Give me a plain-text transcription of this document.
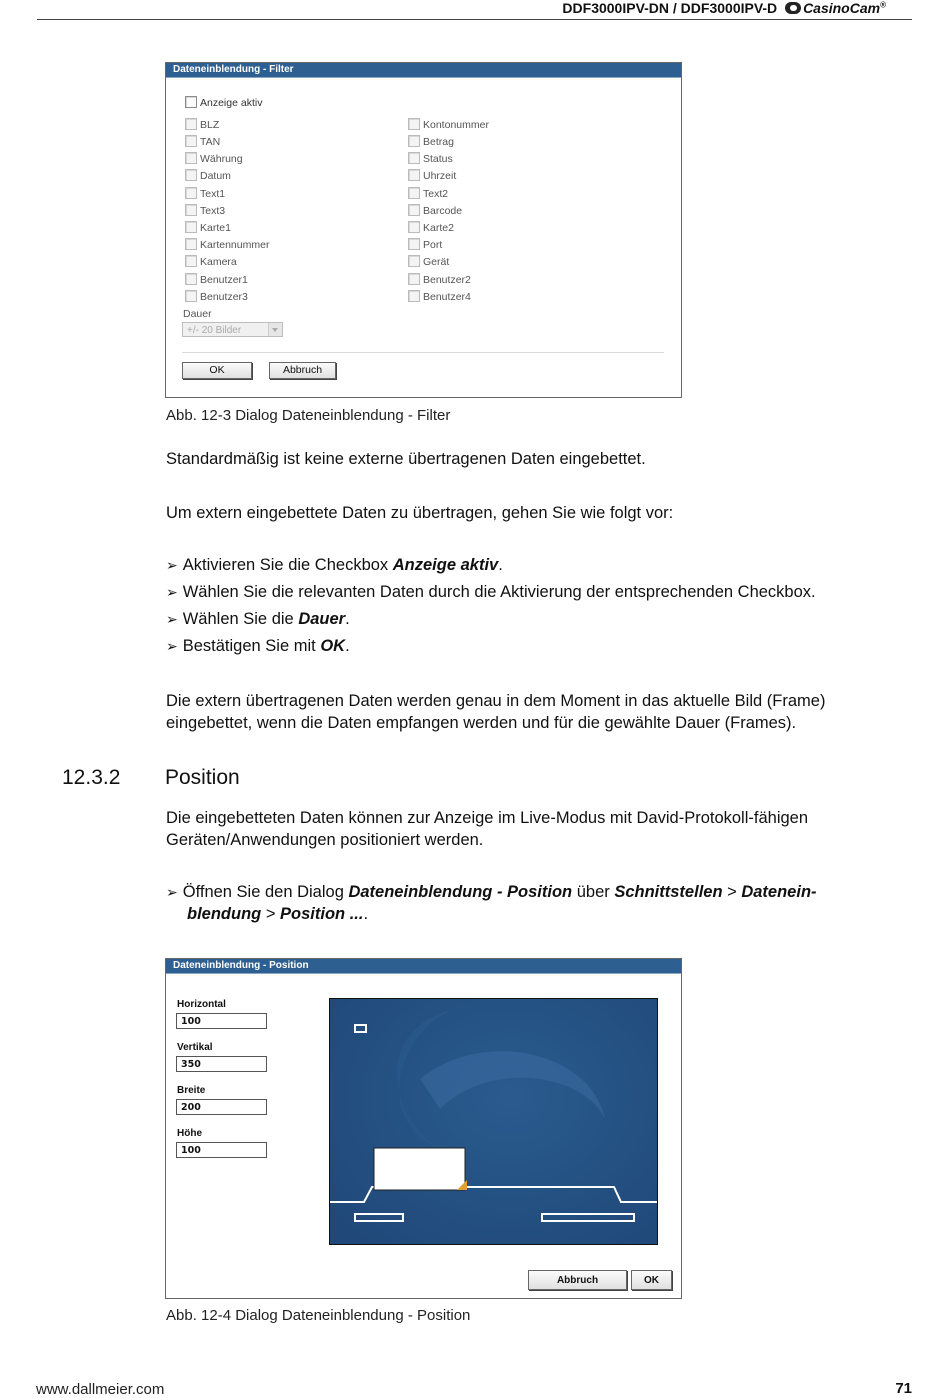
DDF3000IPV-DN / DDF3000IPV-D CasinoCam®
Dateneinblendung - Filter
Anzeige aktiv
BLZ
TAN
Währung
Datum
Text1
Text3
Karte1
Kartennummer
Kamera
Benutzer1
Benutzer3
Kontonummer
Betrag
Status
Uhrzeit
Text2
Barcode
Karte2
Port
Gerät
Benutzer2
Benutzer4
Dauer
+/- 20 Bilder
OK	Abbruch
Abb. 12-3 Dialog Dateneinblendung - Filter
Standardmäßig ist keine externe übertragenen Daten eingebettet.
Um extern eingebettete Daten zu übertragen, gehen Sie wie folgt vor:
➢ Aktivieren Sie die Checkbox Anzeige aktiv.
➢ Wählen Sie die relevanten Daten durch die Aktivierung der entsprechenden Checkbox.
➢ Wählen Sie die Dauer.
➢ Bestätigen Sie mit OK.
Die extern übertragenen Daten werden genau in dem Moment in das aktuelle Bild (Frame)
eingebettet, wenn die Daten empfangen werden und für die gewählte Dauer (Frames).
12.3.2 Position
Die eingebetteten Daten können zur Anzeige im Live-Modus mit David-Protokoll-fähigen
Geräten/Anwendungen positioniert werden.
➢ Öffnen Sie den Dialog Dateneinblendung - Position über Schnittstellen > Datenein-
blendung > Position ....
Dateneinblendung - Position
Horizontal
100
Vertikal
350
Breite
200
Höhe
100
Abbruch	OK
Abb. 12-4 Dialog Dateneinblendung - Position
www.dallmeier.com	71
